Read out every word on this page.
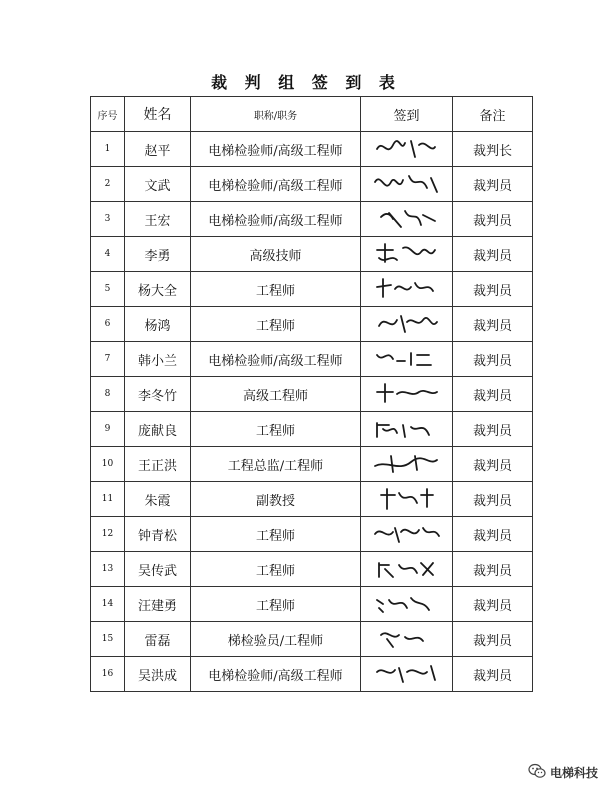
裁 判 组 签 到 表
序号	姓名	职称/职务	签到	备注
1	赵平	电梯检验师/高级工程师		裁判长
2	文武	电梯检验师/高级工程师		裁判员
3	王宏	电梯检验师/高级工程师		裁判员
4	李勇	高级技师		裁判员
5	杨大全	工程师		裁判员
6	杨鸿	工程师		裁判员
7	韩小兰	电梯检验师/高级工程师		裁判员
8	李冬竹	高级工程师		裁判员
9	庞献良	工程师		裁判员
10	王正洪	工程总监/工程师		裁判员
11	朱霞	副教授		裁判员
12	钟青松	工程师		裁判员
13	吴传武	工程师		裁判员
14	汪建勇	工程师		裁判员
15	雷磊	梯检验员/工程师		裁判员
16	吴洪成	电梯检验师/高级工程师		裁判员
电梯科技
